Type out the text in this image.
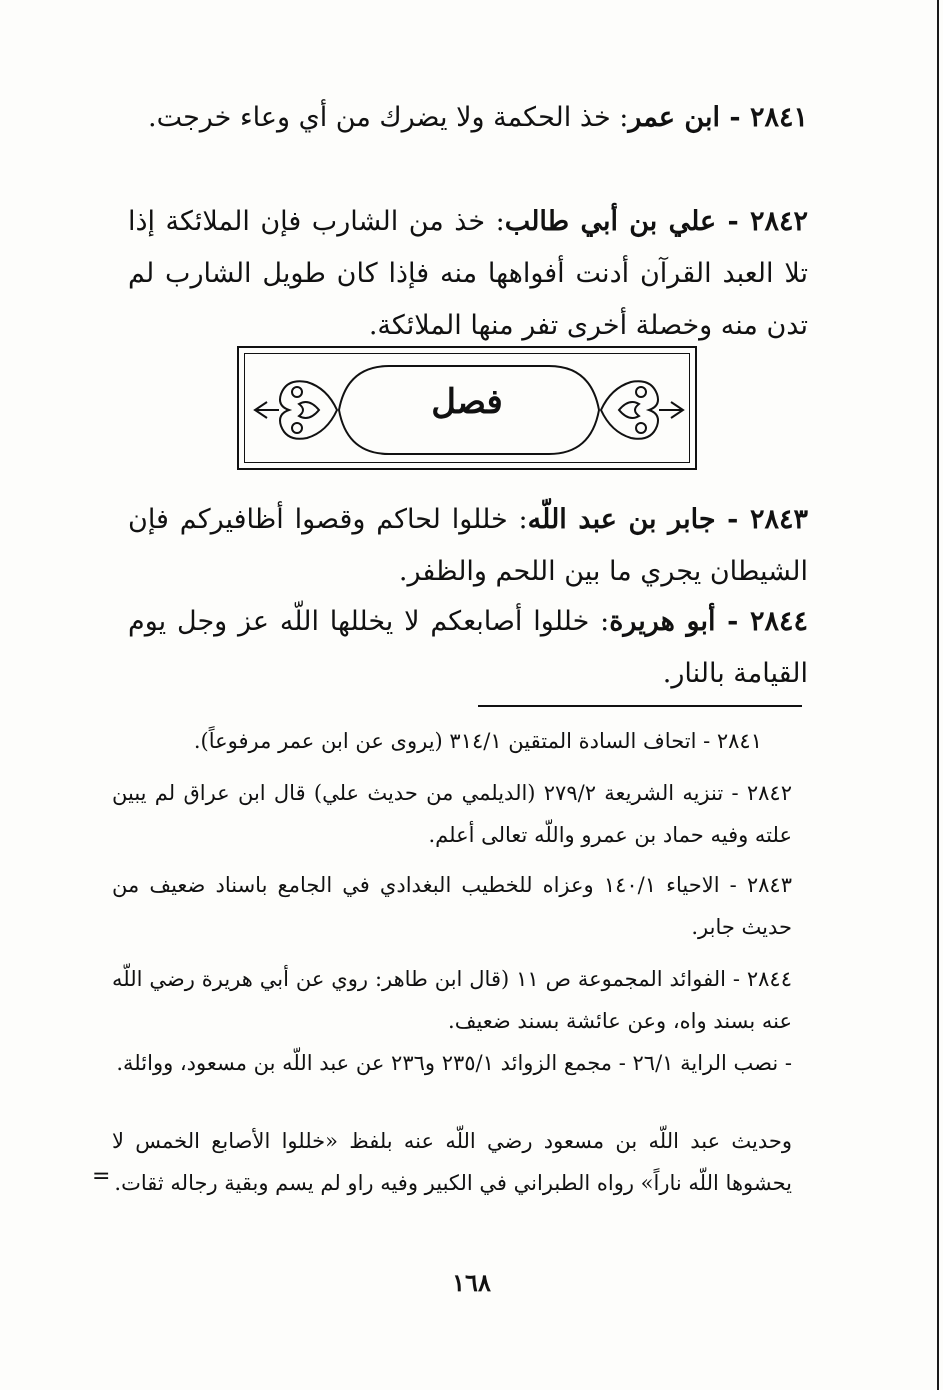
٢٨٤١ - ابن عمر: خذ الحكمة ولا يضرك من أي وعاء خرجت.
٢٨٤٢ - علي بن أبي طالب: خذ من الشارب فإن الملائكة إذا تلا العبد القرآن أدنت أفواهها منه فإذا كان طويل الشارب لم تدن منه وخصلة أخرى تفر منها الملائكة.
فصل
٢٨٤٣ - جابر بن عبد اللّه: خللوا لحاكم وقصوا أظافيركم فإن الشيطان يجري ما بين اللحم والظفر.
٢٨٤٤ - أبو هريرة: خللوا أصابعكم لا يخللها اللّه عز وجل يوم القيامة بالنار.
٢٨٤١ - اتحاف السادة المتقين ٣١٤/١ (يروى عن ابن عمر مرفوعاً).
٢٨٤٢ - تنزيه الشريعة ٢٧٩/٢ (الديلمي من حديث علي) قال ابن عراق لم يبين علته وفيه حماد بن عمرو واللّه تعالى أعلم.
٢٨٤٣ - الاحياء ١٤٠/١ وعزاه للخطيب البغدادي في الجامع باسناد ضعيف من حديث جابر.
٢٨٤٤ - الفوائد المجموعة ص ١١ (قال ابن طاهر: روي عن أبي هريرة رضي اللّه عنه بسند واه، وعن عائشة بسند ضعيف.
- نصب الراية ٢٦/١ - مجمع الزوائد ٢٣٥/١ و٢٣٦ عن عبد اللّه بن مسعود، ووائلة.
وحديث عبد اللّه بن مسعود رضي اللّه عنه بلفظ «خللوا الأصابع الخمس لا يحشوها اللّه ناراً» رواه الطبراني في الكبير وفيه راو لم يسم وبقية رجاله ثقات.
=
١٦٨
